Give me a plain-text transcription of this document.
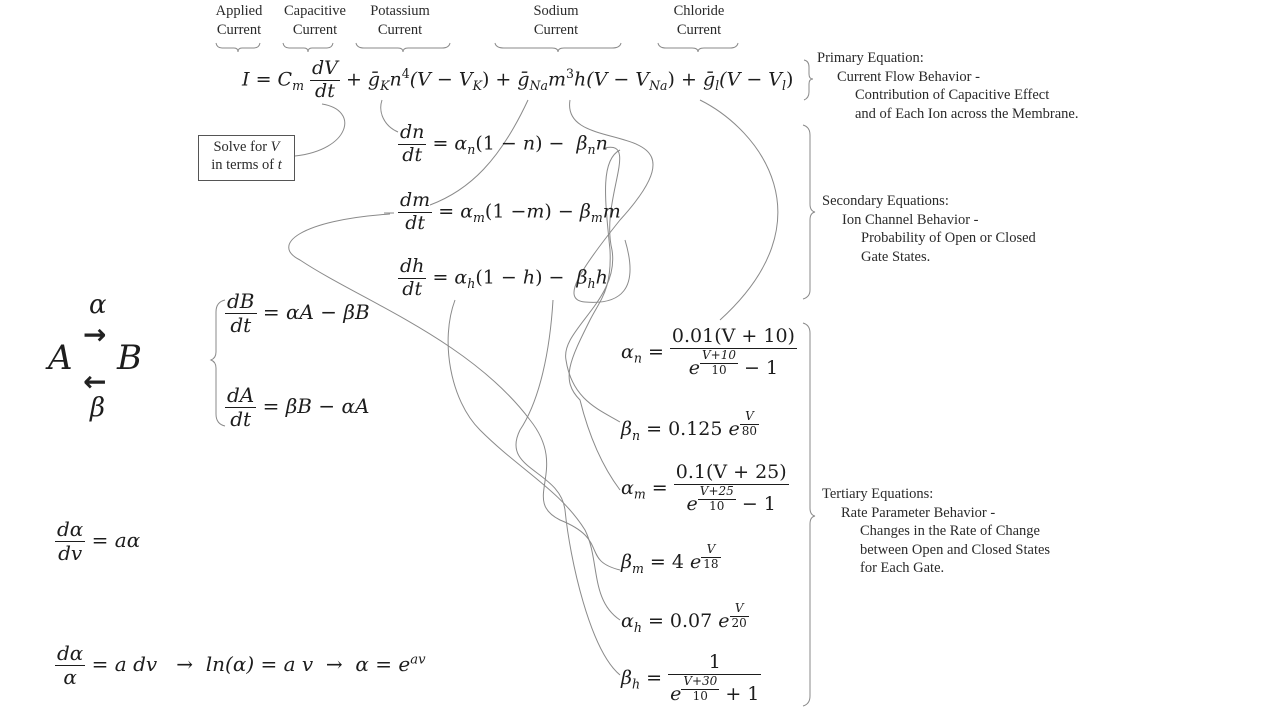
Applied
Current
Capacitive
Current
Potassium
Current
Sodium
Current
Chloride
Current
$I = C_m \frac{dV}{dt}$ + $ḡ_Kn^4(V - V_K)$ + $ḡ_{Na}m^3h(V - V_{Na})$ + ḡ$_l$(V − $V_l$)
Solve for V
in terms of t	$\frac{dn}{dt} = \alpha_n(1 - n) - \beta_nn$
$\frac{dm}{dt} = \alpha_m(1 -m) - \beta_mm$
$\frac{dh}{dt} = \alpha_h(1 - h) - \beta_hh$
Primary Equation:
Current Flow Behavior -
Contribution of Capacitive Effect
and of Each Ion across the Membrane.
Secondary Equations:
Ion Channel Behavior -
Probability of Open or Closed
Gate States.
Tertiary Equations:
Rate Parameter Behavior -
Changes in the Rate of Change
between Open and Closed States
for Each Gate.
$\alpha_n = 0.01(V + 10)$
e $^{\frac{V+10}{10}}$ − 1
$\beta_n = 0.125$ e $^{\frac{V}{80}}$
$\alpha_m = 0.1(V + 25)$
e $^{\frac{V+25}{10}}$ − 1
$\beta_m = 4$ e $^{\frac{V}{18}}$
$\alpha_h = 0.07$ e $^{\frac{V}{20}}$
$\beta_h = 1$
e $^{\frac{V+30}{10}}$ + 1
A B
α
β
→
←
$\frac{dB}{dt} = \alpha A - \beta B$
$\frac{dA}{dt} = \beta B - \alpha A$
$\frac{d\alpha}{dv} = a\alpha$
$\frac{d\alpha}{\alpha} = a$ dv → ln(α) = a $v \to \alpha = e^{av}$
